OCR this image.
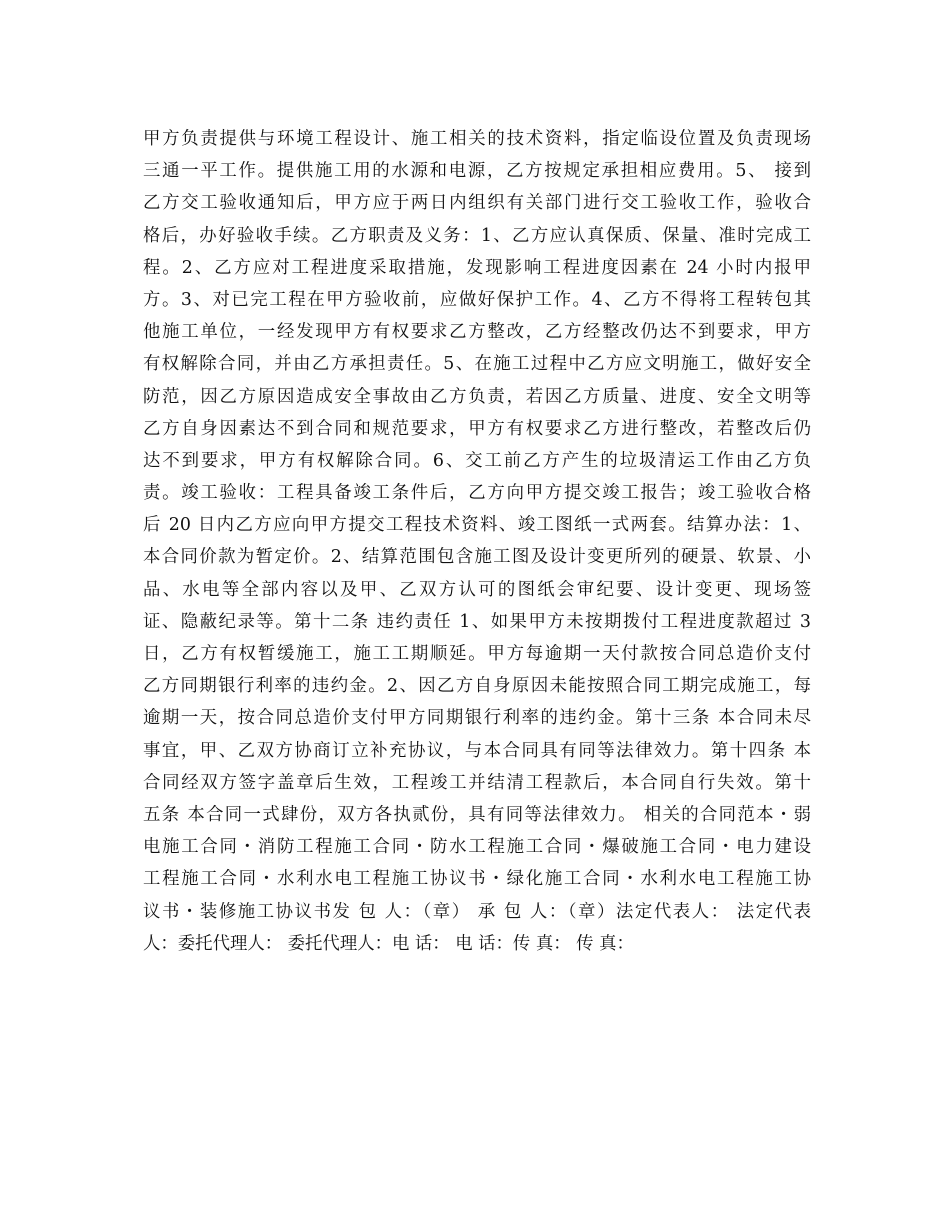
甲方负责提供与环境工程设计、施工相关的技术资料，指定临设位置及负责现场
三通一平工作。提供施工用的水源和电源，乙方按规定承担相应费用。5、 接到
乙方交工验收通知后，甲方应于两日内组织有关部门进行交工验收工作，验收合
格后，办好验收手续。乙方职责及义务：1、乙方应认真保质、保量、准时完成工
程。2、乙方应对工程进度采取措施，发现影响工程进度因素在 24 小时内报甲
方。3、对已完工程在甲方验收前，应做好保护工作。4、乙方不得将工程转包其
他施工单位，一经发现甲方有权要求乙方整改，乙方经整改仍达不到要求，甲方
有权解除合同，并由乙方承担责任。5、在施工过程中乙方应文明施工，做好安全
防范，因乙方原因造成安全事故由乙方负责，若因乙方质量、进度、安全文明等
乙方自身因素达不到合同和规范要求，甲方有权要求乙方进行整改，若整改后仍
达不到要求，甲方有权解除合同。6、交工前乙方产生的垃圾清运工作由乙方负
责。竣工验收：工程具备竣工条件后，乙方向甲方提交竣工报告；竣工验收合格
后 20 日内乙方应向甲方提交工程技术资料、竣工图纸一式两套。结算办法：1、
本合同价款为暂定价。2、结算范围包含施工图及设计变更所列的硬景、软景、小
品、水电等全部内容以及甲、乙双方认可的图纸会审纪要、设计变更、现场签
证、隐蔽纪录等。第十二条 违约责任 1、如果甲方未按期拨付工程进度款超过 3
日，乙方有权暂缓施工，施工工期顺延。甲方每逾期一天付款按合同总造价支付
乙方同期银行利率的违约金。2、因乙方自身原因未能按照合同工期完成施工，每
逾期一天，按合同总造价支付甲方同期银行利率的违约金。第十三条 本合同未尽
事宜，甲、乙双方协商订立补充协议，与本合同具有同等法律效力。第十四条 本
合同经双方签字盖章后生效，工程竣工并结清工程款后，本合同自行失效。第十
五条 本合同一式肆份，双方各执贰份，具有同等法律效力。 相关的合同范本・弱
电施工合同・消防工程施工合同・防水工程施工合同・爆破施工合同・电力建设
工程施工合同・水利水电工程施工协议书・绿化施工合同・水利水电工程施工协
议书・装修施工协议书发 包 人：（章） 承 包 人：（章）法定代表人： 法定代表
人：委托代理人： 委托代理人：电 话： 电 话：传 真： 传 真：
